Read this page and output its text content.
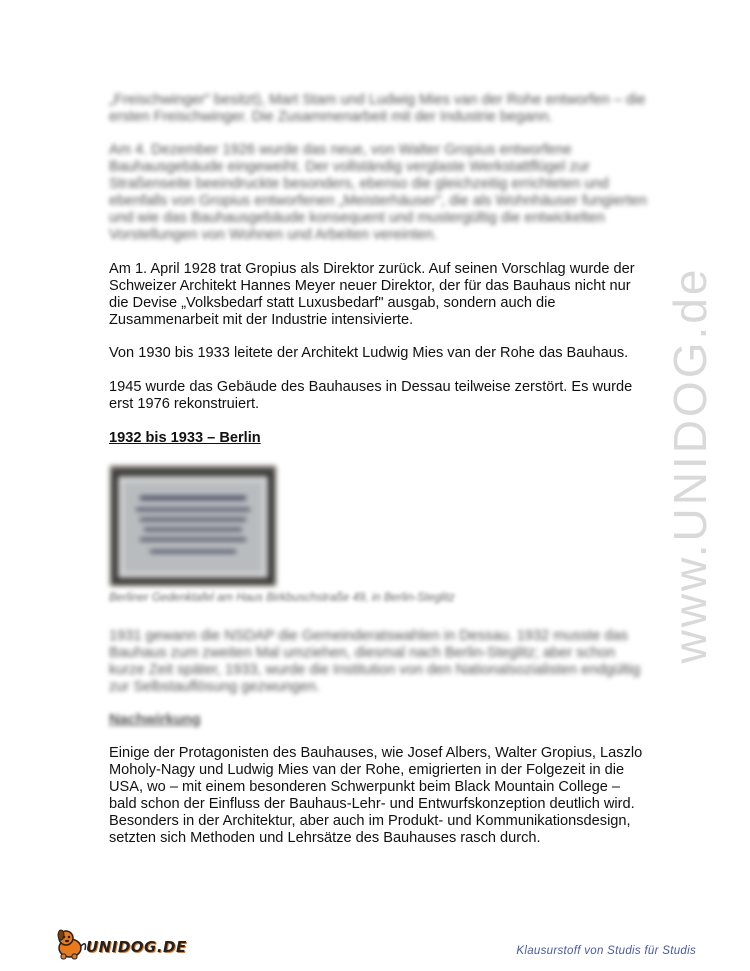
„Freischwinger" besitzt), Mart Stam und Ludwig Mies van der Rohe entworfen – die ersten Freischwinger. Die Zusammenarbeit mit der Industrie begann.
Am 4. Dezember 1926 wurde das neue, von Walter Gropius entworfene Bauhausgebäude eingeweiht. Der vollständig verglaste Werkstattflügel zur Straßenseite beeindruckte besonders, ebenso die gleichzeitig errichteten und ebenfalls von Gropius entworfenen „Meisterhäuser", die als Wohnhäuser fungierten und wie das Bauhausgebäude konsequent und mustergültig die entwickelten Vorstellungen von Wohnen und Arbeiten vereinten.
Am 1. April 1928 trat Gropius als Direktor zurück. Auf seinen Vorschlag wurde der Schweizer Architekt Hannes Meyer neuer Direktor, der für das Bauhaus nicht nur die Devise „Volksbedarf statt Luxusbedarf" ausgab, sondern auch die Zusammenarbeit mit der Industrie intensivierte.
Von 1930 bis 1933 leitete der Architekt Ludwig Mies van der Rohe das Bauhaus.
1945 wurde das Gebäude des Bauhauses in Dessau teilweise zerstört. Es wurde erst 1976 rekonstruiert.
1932 bis 1933 – Berlin
Berliner Gedenktafel am Haus Birkbuschstraße 49, in Berlin-Steglitz
1931 gewann die NSDAP die Gemeinderatswahlen in Dessau. 1932 musste das Bauhaus zum zweiten Mal umziehen, diesmal nach Berlin-Steglitz; aber schon kurze Zeit später, 1933, wurde die Institution von den Nationalsozialisten endgültig zur Selbstauflösung gezwungen.
Nachwirkung
Einige der Protagonisten des Bauhauses, wie Josef Albers, Walter Gropius, Laszlo Moholy-Nagy und Ludwig Mies van der Rohe, emigrierten in der Folgezeit in die USA, wo – mit einem besonderen Schwerpunkt beim Black Mountain College – bald schon der Einfluss der Bauhaus-Lehr- und Entwurfskonzeption deutlich wird. Besonders in der Architektur, aber auch im Produkt- und Kommunikationsdesign, setzten sich Methoden und Lehrsätze des Bauhauses rasch durch.
www.UNIDOG.de
UNIDOG.DE	Klausurstoff von Studis für Studis
